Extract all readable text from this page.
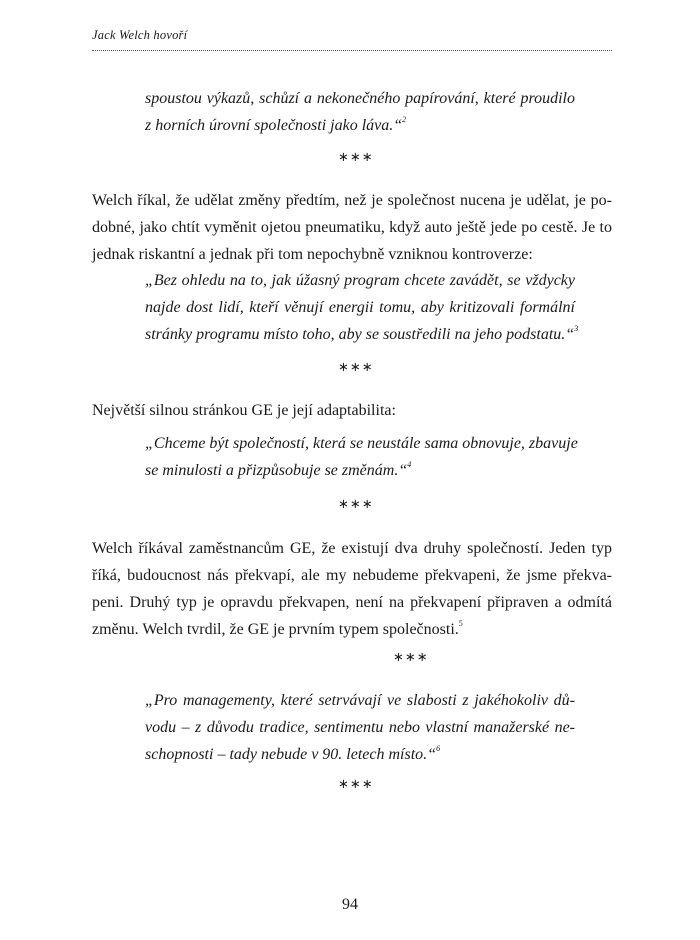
Jack Welch hovoří
spoustou výkazů, schůzí a nekonečného papírování, které proudilo
z horních úrovní společnosti jako láva.“$^2$
∗∗∗
Welch říkal, že udělat změny předtím, než je společnost nucena je udělat, je po-
dobné, jako chtít vyměnit ojetou pneumatiku, když auto ještě jede po cestě. Je to
jednak riskantní a jednak při tom nepochybně vzniknou kontroverze:
„Bez ohledu na to, jak úžasný program chcete zavádět, se vždycky
najde dost lidí, kteří věnují energii tomu, aby kritizovali formální
stránky programu místo toho, aby se soustředili na jeho podstatu.“$^3$
∗∗∗
Největší silnou stránkou GE je její adaptabilita:
„Chceme být společností, která se neustále sama obnovuje, zbavuje
se minulosti a přizpůsobuje se změnám.“$^4$
∗∗∗
Welch říkával zaměstnancům GE, že existují dva druhy společností. Jeden typ
říká, budoucnost nás překvapí, ale my nebudeme překvapeni, že jsme překva-
peni. Druhý typ je opravdu překvapen, není na překvapení připraven a odmítá
změnu. Welch tvrdil, že GE je prvním typem společnosti.$^5$
∗∗∗
„Pro managementy, které setrvávají ve slabosti z jakéhokoliv dů-
vodu – z důvodu tradice, sentimentu nebo vlastní manažerské ne-
schopnosti – tady nebude v 90. letech místo.“$^6$
∗∗∗
94
